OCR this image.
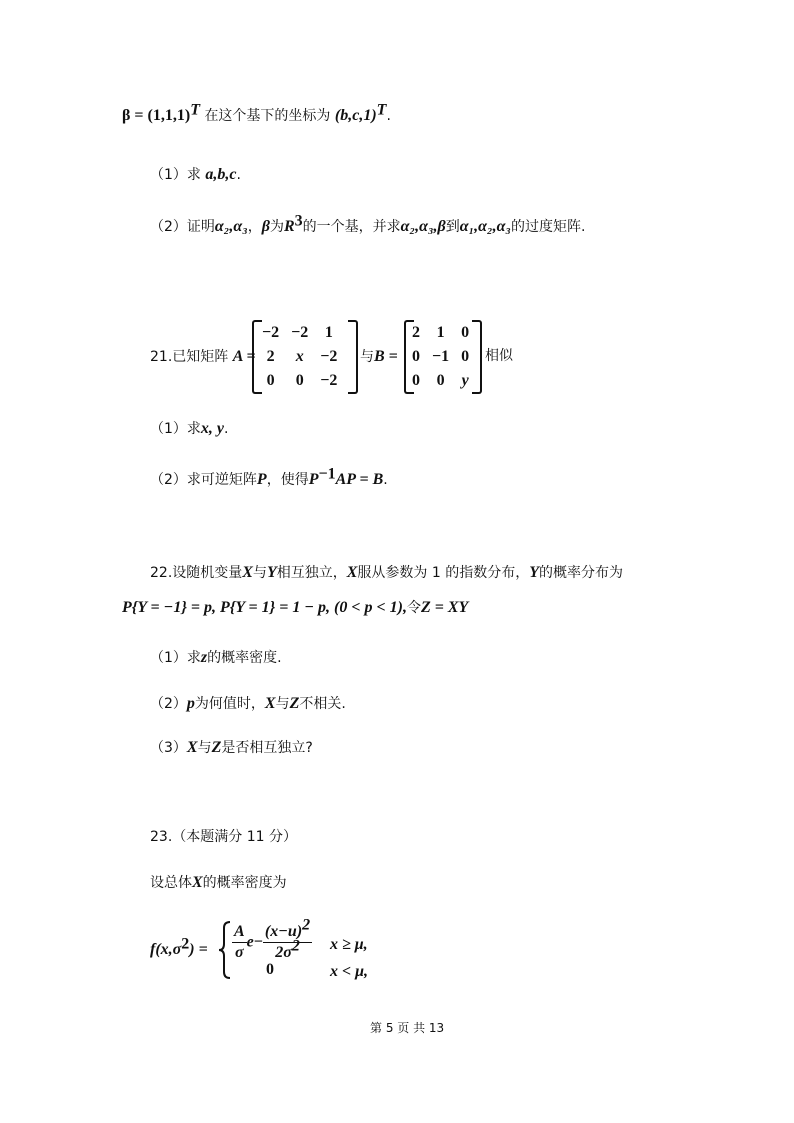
$\beta = (1,1,1)^T$ 在这个基下的坐标为 $(b,c,1)^T$.
（1）求 a,b,c.
（2）证明α₂,α₃，β为$R^3$的一个基，并求α₂,α₃,β到α₁,α₂,α₃的过度矩阵.
21.已知矩阵 A =
−2	−2	1
2	x	−2
0	0	−2
与B =
2	1	0
0	−1	0
0	0	y
相似
（1）求x, y.
（2）求可逆矩阵P，使得$P^{-1}AP = B$.
22.设随机变量X与Y相互独立，X服从参数为 1 的指数分布，Y的概率分布为
P{Y = −1} = p, P{Y = 1} = 1 − p, (0 < p < 1),令Z = XY
（1）求z的概率密度.
（2）p为何值时，X与Z不相关.
（3）X与Z是否相互独立?
23.（本题满分 11 分）
设总体X的概率密度为
$f(x,\sigma^2) = \frac{A}{\sigma} e- \frac{(x-u)^2}{2\sigma^2}$ x ≥ μ,
0	x < μ,
第 5 页 共 13
